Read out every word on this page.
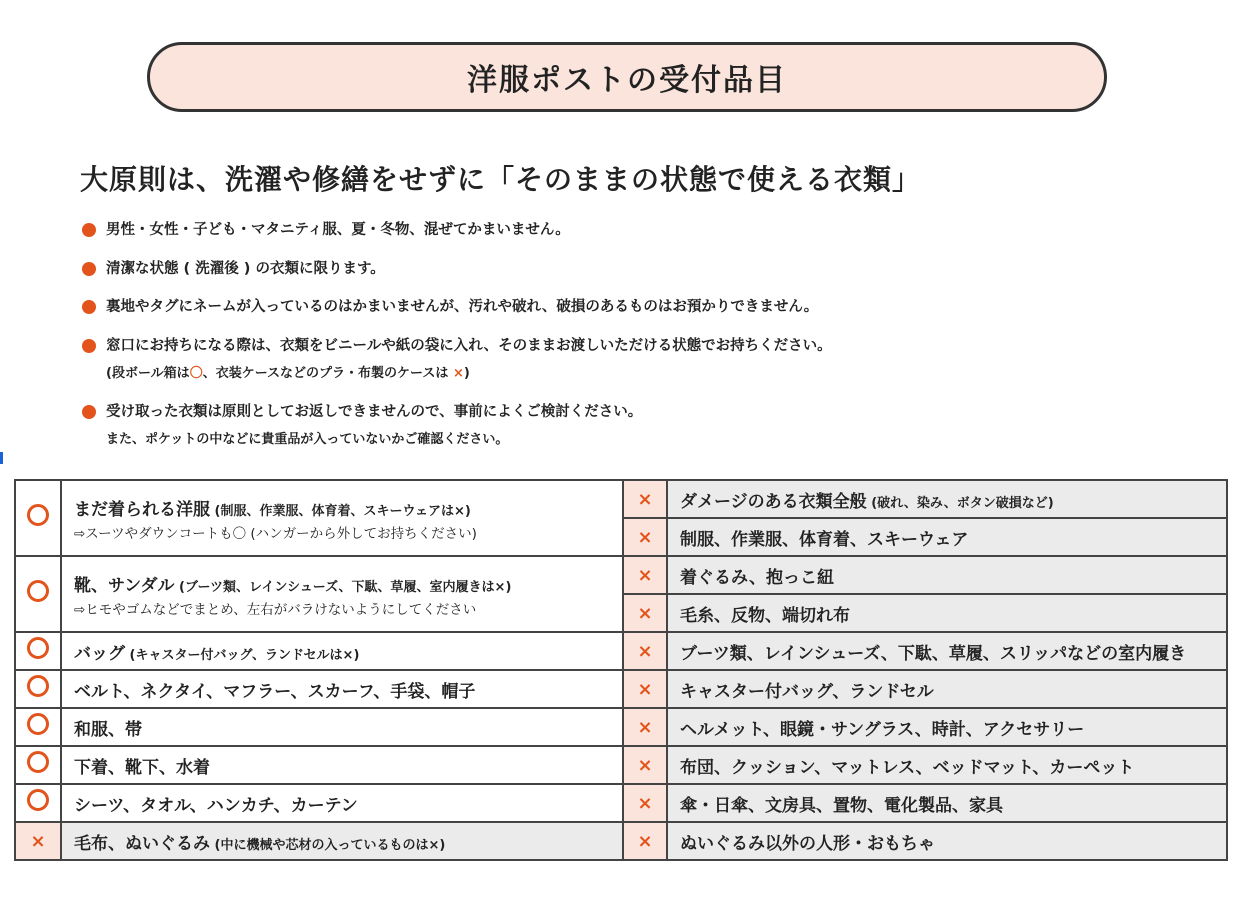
洋服ポストの受付品目
大原則は、洗濯や修繕をせずに「そのままの状態で使える衣類」
男性・女性・子ども・マタニティ服、夏・冬物、混ぜてかまいません。
清潔な状態 ( 洗濯後 ) の衣類に限ります。
裏地やタグにネームが入っているのはかまいませんが、汚れや破れ、破損のあるものはお預かりできません。
窓口にお持ちになる際は、衣類をビニールや紙の袋に入れ、そのままお渡しいただける状態でお持ちください。
(段ボール箱は〇、衣装ケースなどのプラ・布製のケースは ×)
受け取った衣類は原則としてお返しできませんので、事前によくご検討ください。
また、ポケットの中などに貴重品が入っていないかご確認ください。
	まだ着られる洋服 (制服、作業服、体育着、スキーウェアは×)
⇨スーツやダウンコートも〇 (ハンガーから外してお持ちください)	×	ダメージのある衣類全般 (破れ、染み、ボタン破損など)
		×	制服、作業服、体育着、スキーウェア
	靴、サンダル (ブーツ類、レインシューズ、下駄、草履、室内履きは×)
⇨ヒモやゴムなどでまとめ、左右がバラけないようにしてください	×	着ぐるみ、抱っこ紐
		×	毛糸、反物、端切れ布
	バッグ (キャスター付バッグ、ランドセルは×)	×	ブーツ類、レインシューズ、下駄、草履、スリッパなどの室内履き
	ベルト、ネクタイ、マフラー、スカーフ、手袋、帽子	×	キャスター付バッグ、ランドセル
	和服、帯	×	ヘルメット、眼鏡・サングラス、時計、アクセサリー
	下着、靴下、水着	×	布団、クッション、マットレス、ベッドマット、カーペット
	シーツ、タオル、ハンカチ、カーテン	×	傘・日傘、文房具、置物、電化製品、家具
×	毛布、ぬいぐるみ (中に機械や芯材の入っているものは×)	×	ぬいぐるみ以外の人形・おもちゃ
